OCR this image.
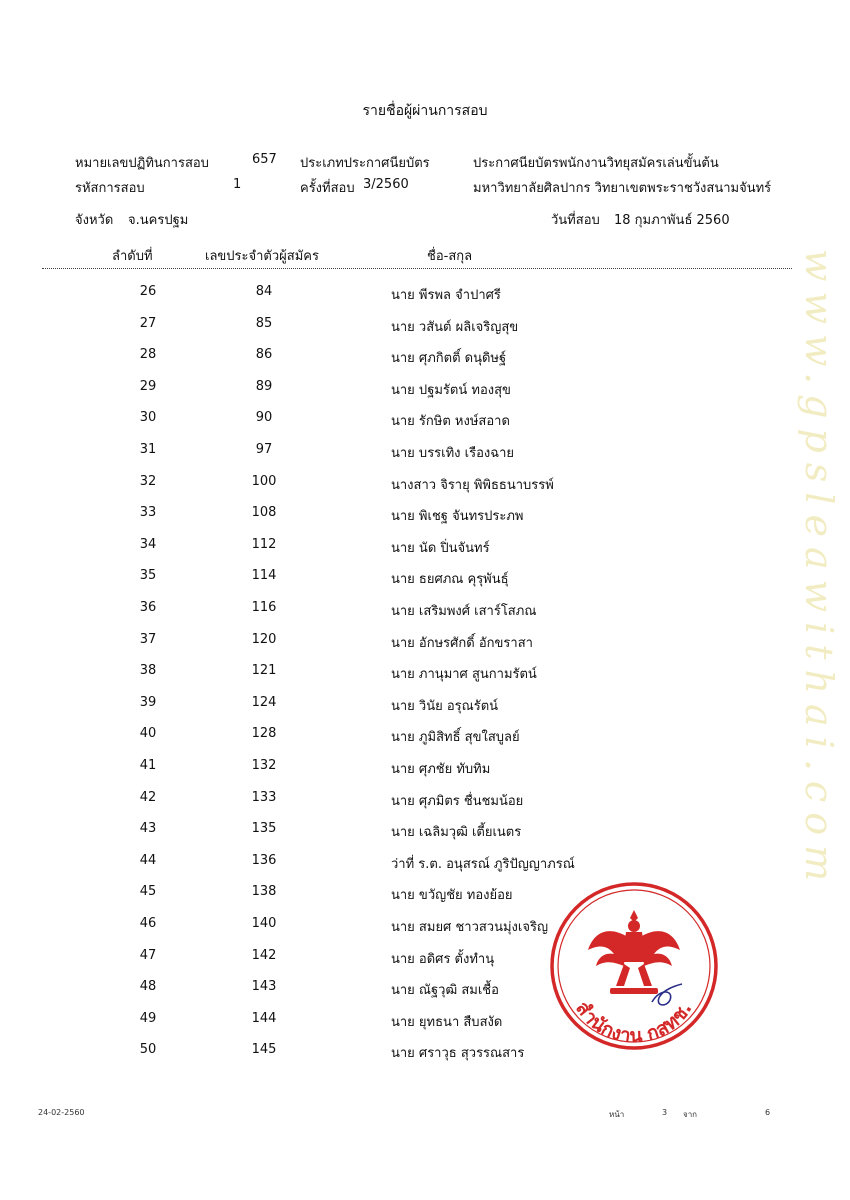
รายชื่อผู้ผ่านการสอบ
หมายเลขปฏิทินการสอบ	657 ประเภทประกาศนียบัตร	ประกาศนียบัตรพนักงานวิทยุสมัครเล่นขั้นต้น
รหัสการสอบ	1	ครั้งที่สอบ 3/2560	มหาวิทยาลัยศิลปากร วิทยาเขตพระราชวังสนามจันทร์
จังหวัด จ.นครปฐม	วันที่สอบ 18 กุมภาพันธ์ 2560
ลำดับที่	เลขประจำตัวผู้สมัคร	ชื่อ-สกุล
26	84	นาย พีรพล จำปาศรี
27	85	นาย วสันต์ ผลิเจริญสุข
28	86	นาย ศุภกิตติ์ ดนุดิษฐ์
29	89	นาย ปฐมรัตน์ ทองสุข
30	90	นาย รักษิต หงษ์สอาด
31	97	นาย บรรเทิง เรืองฉาย
32	100	นางสาว จิรายุ พิพิธธนาบรรพ์
33	108	นาย พิเชฐ จันทรประภพ
34	112	นาย นัด ปิ่นจันทร์
35	114	นาย ธยศภณ คุรุพันธุ์
36	116	นาย เสริมพงศ์ เสาร์โสภณ
37	120	นาย อักษรศักดิ์ อักขราสา
38	121	นาย ภานุมาศ สูนกามรัตน์
39	124	นาย วินัย อรุณรัตน์
40	128	นาย ภูมิสิทธิ์ สุขใสบูลย์
41	132	นาย ศุภชัย ทับทิม
42	133	นาย ศุภมิตร ชื่นชมน้อย
43	135	นาย เฉลิมวุฒิ เตี้ยเนตร
44	136	ว่าที่ ร.ต. อนุสรณ์ ภูริปัญญาภรณ์
45	138	นาย ขวัญชัย ทองย้อย
46	140	นาย สมยศ ชาวสวนมุ่งเจริญ
47	142	นาย อดิศร ตั้งทำนุ
48	143	นาย ณัฐวุฒิ สมเชื้อ
49	144	นาย ยุทธนา สืบสงัด
50	145	นาย ศราวุธ สุวรรณสาร
www.gpsleawithai.com
สำนักงาน กสทช.
24-02-2560	หน้า	3 จาก	6
